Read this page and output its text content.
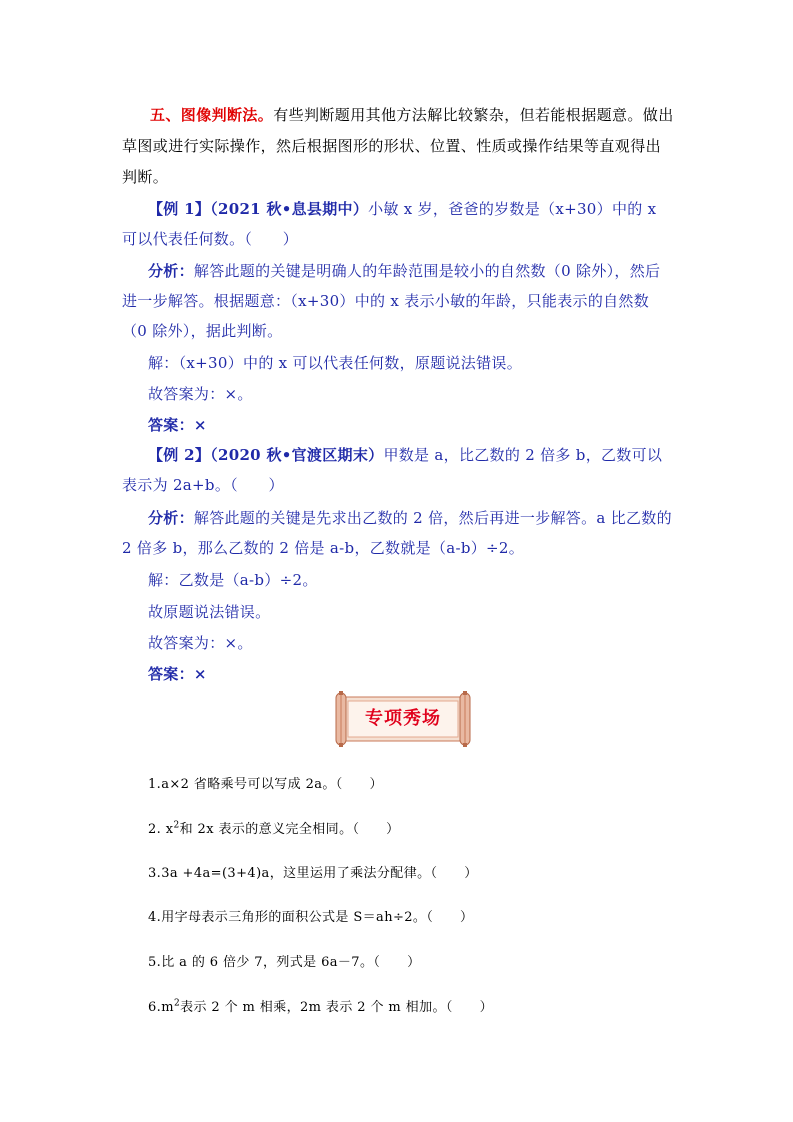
五、图像判断法。有些判断题用其他方法解比较繁杂，但若能根据题意。做出草图或进行实际操作，然后根据图形的形状、位置、性质或操作结果等直观得出判断。
【例 1】（2021 秋•息县期中）小敏 x 岁，爸爸的岁数是（x+30）中的 x 可以代表任何数。（　　）
分析：解答此题的关键是明确人的年龄范围是较小的自然数（0 除外），然后进一步解答。根据题意：（x+30）中的 x 表示小敏的年龄，只能表示的自然数（0 除外），据此判断。
解：（x+30）中的 x 可以代表任何数，原题说法错误。
故答案为：×。
答案：×
【例 2】（2020 秋•官渡区期末）甲数是 a，比乙数的 2 倍多 b，乙数可以表示为 2a+b。（　　）
分析：解答此题的关键是先求出乙数的 2 倍，然后再进一步解答。a 比乙数的 2 倍多 b，那么乙数的 2 倍是 a-b，乙数就是（a-b）÷2。
解：乙数是（a-b）÷2。
故原题说法错误。
故答案为：×。
答案：×
专项秀场
1.a×2 省略乘号可以写成 2a。（　　）
2. $x^2$和 2x 表示的意义完全相同。（　　）
3.3a +4a=(3+4)a，这里运用了乘法分配律。（　　）
4.用字母表示三角形的面积公式是 S＝ah÷2。（　　）
5.比 a 的 6 倍少 7，列式是 6a－7。（　　）
$6.m^2$表示 2 个 m 相乘，2m 表示 2 个 m 相加。（　　）
